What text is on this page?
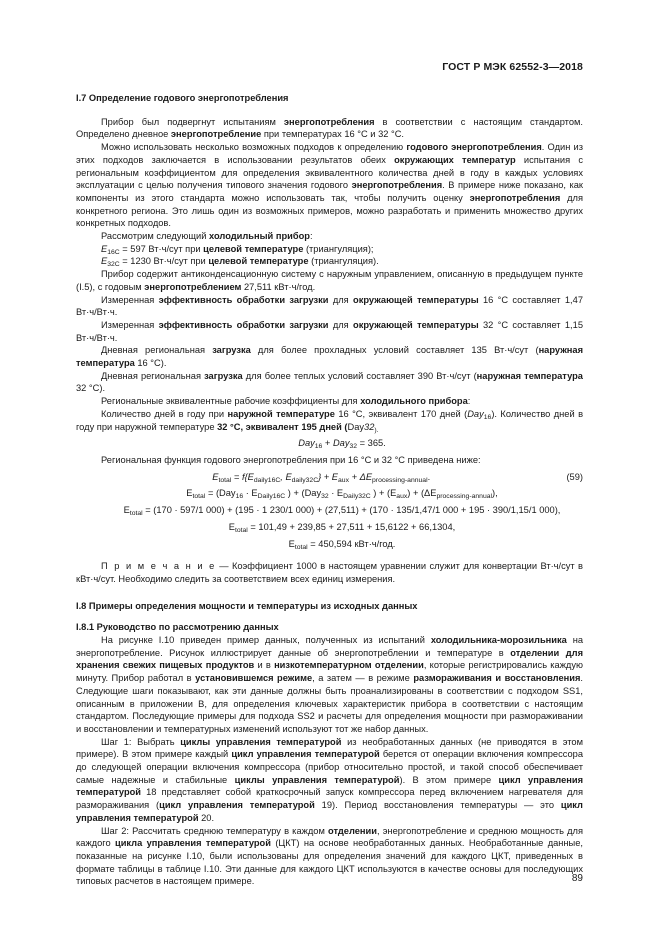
ГОСТ Р МЭК 62552-3—2018

I.7 Определение годового энергопотребления

Прибор был подвергнут испытаниям энергопотребления в соответствии с настоящим стандартом. Определено дневное энергопотребление при температурах 16 °C и 32 °C.

Можно использовать несколько возможных подходов к определению годового энергопотребления. Один из этих подходов заключается в использовании результатов обеих окружающих температур испытания с региональным коэффициентом для определения эквивалентного количества дней в году в каждых условиях эксплуатации с целью получения типового значения годового энергопотребления. В примере ниже показано, как компоненты из этого стандарта можно использовать так, чтобы получить оценку энергопотребления для конкретного региона. Это лишь один из возможных примеров, можно разработать и применить множество других конкретных подходов.

Рассмотрим следующий холодильный прибор:

$E_{16C} = 597$ Вт·ч/сут при целевой температуре (триангуляция);

$E_{32C} = 1230$ Вт·ч/сут при целевой температуре (триангуляция).

Прибор содержит антиконденсационную систему с наружным управлением, описанную в предыдущем пункте (I.5), с годовым энергопотреблением 27,511 кВт·ч/год.

Измеренная эффективность обработки загрузки для окружающей температуры 16 °C составляет 1,47 Вт·ч/Вт·ч.

Измеренная эффективность обработки загрузки для окружающей температуры 32 °C составляет 1,15 Вт·ч/Вт·ч.

Дневная региональная загрузка для более прохладных условий составляет 135 Вт·ч/сут (наружная температура 16 °C).

Дневная региональная загрузка для более теплых условий составляет 390 Вт·ч/сут (наружная температура 32 °C).

Региональные эквивалентные рабочие коэффициенты для холодильного прибора:

Количество дней в году при наружной температуре 16 °C, эквивалент 170 дней (Day$_{16}$). Количество дней в году при наружной температуре 32 °C, эквивалент 195 дней ($Day32_{).}$

Day$_{16}$ + Day$_{32}$ = 365.

Региональная функция годового энергопотребления при 16 °C и 32 °C приведена ниже:

$E_{total} = f\{E_{daily16C}$, $E_{daily32C}\} + E_{aux} + \Delta E_{processing-annual}$.	(59)

$E_{total} = (Day_{16} \cdot E_{Daily16C}$ ) + ($Day_{32} \cdot E_{Daily32C}$ ) + $(E_{aux}) + (\Delta E_{processing-annual})$,

$E_{total} = (170 \cdot 597/1$ 000) + (195 · 1 230/1 000) + (27,511) + (170 · 135/1,47/1 000 + 195 · 390/1,15/1 000),

$E_{total} = 101,49 + 239,85 + 27,511 + 15,6122 + 66,1304$,

$E_{total} = 450,594$ кВт·ч/год.

П р и м е ч а н и е — Коэффициент 1000 в настоящем уравнении служит для конвертации Вт·ч/сут в кВт·ч/сут. Необходимо следить за соответствием всех единиц измерения.

I.8 Примеры определения мощности и температуры из исходных данных

I.8.1 Руководство по рассмотрению данных

На рисунке I.10 приведен пример данных, полученных из испытаний холодильника-морозильника на энергопотребление. Рисунок иллюстрирует данные об энергопотреблении и температуре в отделении для хранения свежих пищевых продуктов и в низкотемпературном отделении, которые регистрировались каждую минуту. Прибор работал в установившемся режиме, а затем — в режиме размораживания и восстановления. Следующие шаги показывают, как эти данные должны быть проанализированы в соответствии с подходом SS1, описанным в приложении В, для определения ключевых характеристик прибора в соответствии с настоящим стандартом. Последующие примеры для подхода SS2 и расчеты для определения мощности при размораживании и восстановлении и температурных изменений используют тот же набор данных.

Шаг 1: Выбрать циклы управления температурой из необработанных данных (не приводятся в этом примере). В этом примере каждый цикл управления температурой берется от операции включения компрессора до следующей операции включения компрессора (прибор относительно простой, и такой способ обеспечивает самые надежные и стабильные циклы управления температурой). В этом примере цикл управления температурой 18 представляет собой краткосрочный запуск компрессора перед включением нагревателя для размораживания (цикл управления температурой 19). Период восстановления температуры — это цикл управления температурой 20.

Шаг 2: Рассчитать среднюю температуру в каждом отделении, энергопотребление и среднюю мощность для каждого цикла управления температурой (ЦКТ) на основе необработанных данных. Необработанные данные, показанные на рисунке I.10, были использованы для определения значений для каждого ЦКТ, приведенных в формате таблицы в таблице I.10. Эти данные для каждого ЦКТ используются в качестве основы для последующих типовых расчетов в настоящем примере.	89
